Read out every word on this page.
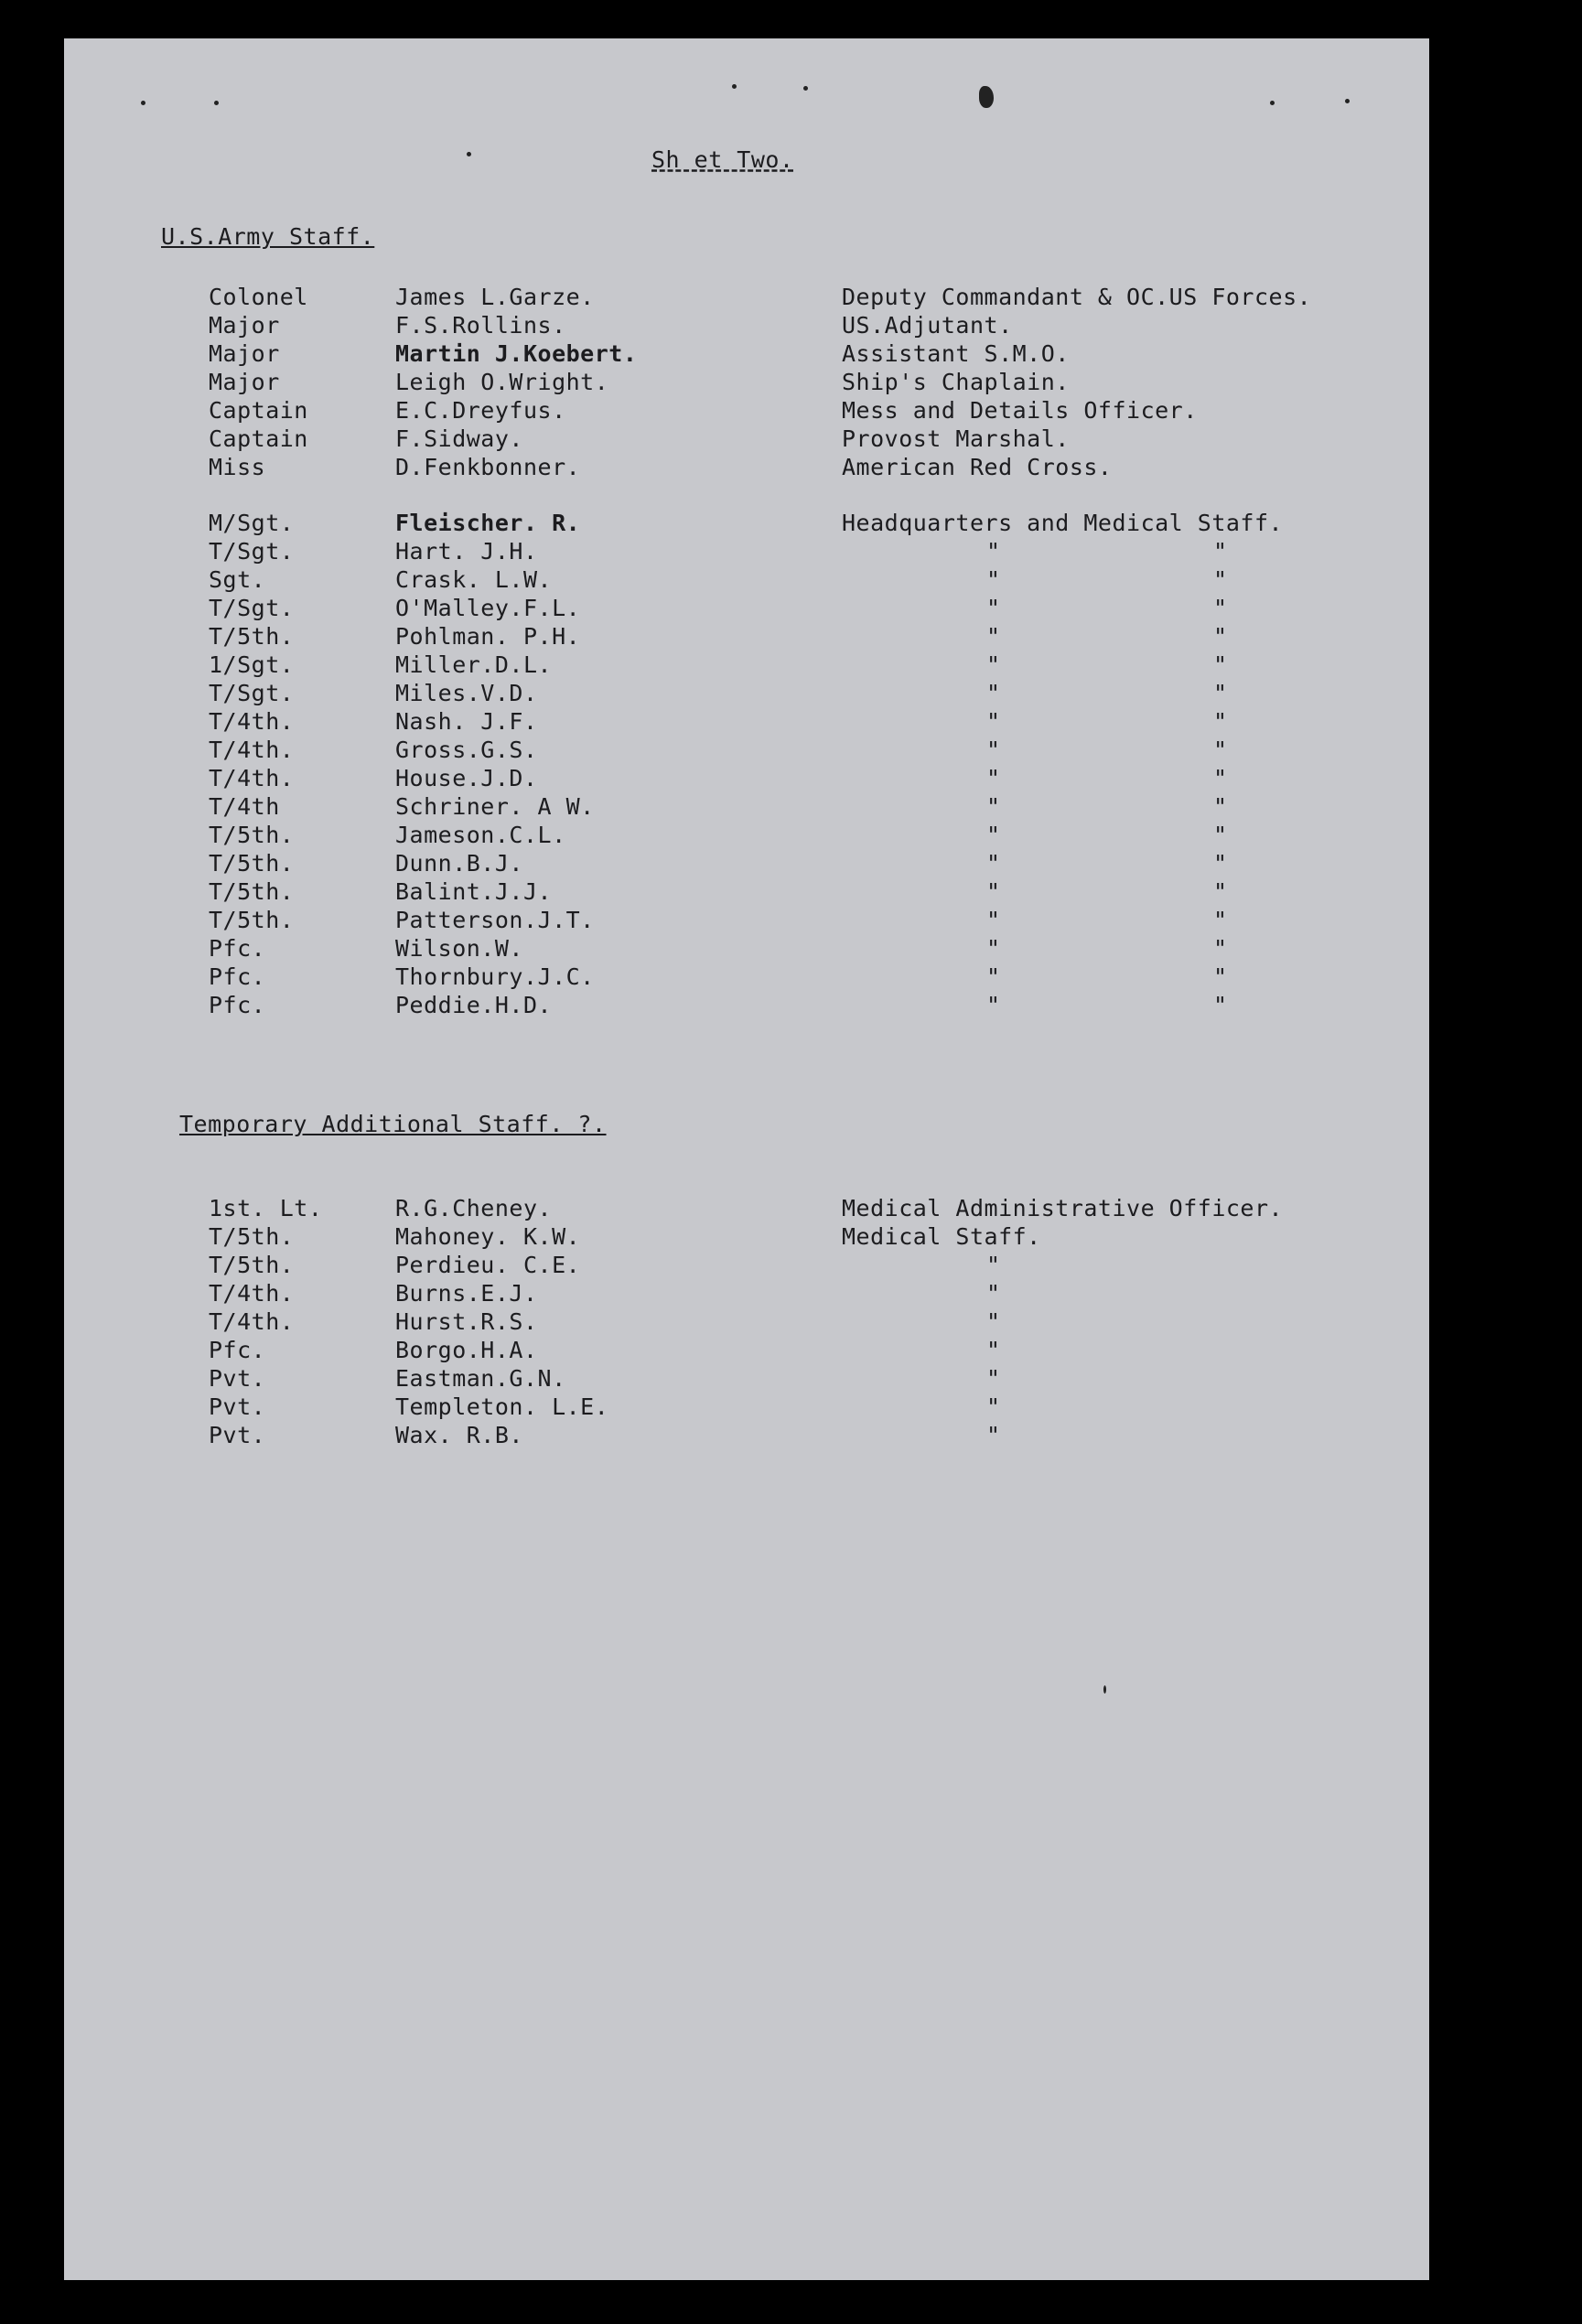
Sh et Two.
U.S.Army Staff.
Colonel	James L.Garze.	Deputy Commandant & OC.US Forces.
Major	F.S.Rollins.	US.Adjutant.
Major	Martin J.Koebert.	Assistant S.M.O.
Major	Leigh O.Wright.	Ship's Chaplain.
Captain	E.C.Dreyfus.	Mess and Details Officer.
Captain	F.Sidway.	Provost Marshal.
Miss	D.Fenkbonner.	American Red Cross.
M/Sgt.	Fleischer. R.	Headquarters and Medical Staff.
T/Sgt.	Hart. J.H.	"	"
Sgt.	Crask. L.W.	"	"
T/Sgt.	O'Malley.F.L.	"	"
T/5th.	Pohlman. P.H.	"	"
1/Sgt.	Miller.D.L.	"	"
T/Sgt.	Miles.V.D.	"	"
T/4th.	Nash. J.F.	"	"
T/4th.	Gross.G.S.	"	"
T/4th.	House.J.D.	"	"
T/4th	Schriner. A W.	"	"
T/5th.	Jameson.C.L.	"	"
T/5th.	Dunn.B.J.	"	"
T/5th.	Balint.J.J.	"	"
T/5th.	Patterson.J.T.	"	"
Pfc.	Wilson.W.	"	"
Pfc.	Thornbury.J.C.	"	"
Pfc.	Peddie.H.D.	"	"
Temporary Additional Staff. ?.
1st. Lt.	R.G.Cheney.	Medical Administrative Officer.
T/5th.	Mahoney. K.W.	Medical Staff.
T/5th.	Perdieu. C.E.	"
T/4th.	Burns.E.J.	"
T/4th.	Hurst.R.S.	"
Pfc.	Borgo.H.A.	"
Pvt.	Eastman.G.N.	"
Pvt.	Templeton. L.E.	"
Pvt.	Wax. R.B.	"
